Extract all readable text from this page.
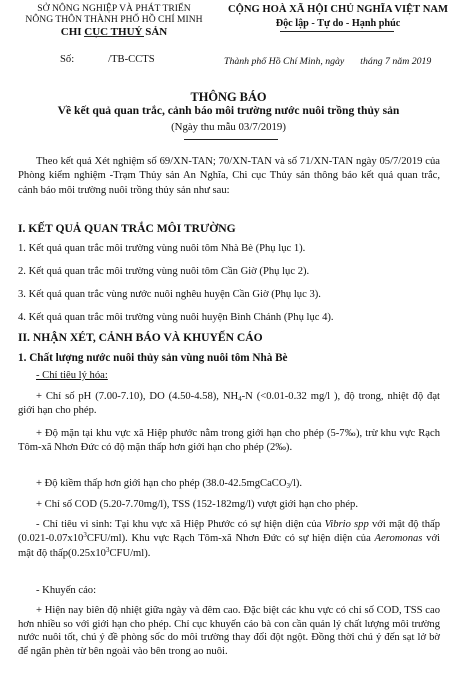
SỞ NÔNG NGHIỆP VÀ PHÁT TRIỂN
NÔNG THÔN THÀNH PHỐ HỒ CHÍ MINH
CHI CỤC THUỶ SẢN
CỘNG HOÀ XÃ HỘI CHỦ NGHĨA VIỆT NAM
Độc lập - Tự do - Hạnh phúc
Số:	/TB-CCTS	Thành phố Hồ Chí Minh, ngày tháng 7 năm 2019
THÔNG BÁO
Về kết quả quan trắc, cảnh báo môi trường nước nuôi trồng thủy sản
(Ngày thu mẫu 03/7/2019)
Theo kết quả Xét nghiệm số 69/XN-TAN; 70/XN-TAN và số 71/XN-TAN ngày 05/7/2019 của Phòng kiểm nghiệm -Trạm Thủy sản An Nghĩa, Chi cục Thủy sản thông báo kết quả quan trắc, cảnh báo môi trường nuôi trồng thủy sản như sau:
I. KẾT QUẢ QUAN TRẮC MÔI TRƯỜNG
1. Kết quả quan trắc môi trường vùng nuôi tôm Nhà Bè (Phụ lục 1).
2. Kết quả quan trắc môi trường vùng nuôi tôm Cần Giờ (Phụ lục 2).
3. Kết quả quan trắc vùng nước nuôi nghêu huyện Cần Giờ (Phụ lục 3).
4. Kết quả quan trắc môi trường vùng nuôi huyện Bình Chánh (Phụ lục 4).
II. NHẬN XÉT, CẢNH BÁO VÀ KHUYẾN CÁO
1. Chất lượng nước nuôi thủy sản vùng nuôi tôm Nhà Bè
- Chỉ tiêu lý hóa:
+ Chỉ số pH (7.00-7.10), DO (4.50-4.58), $NH_4-N$ (<0.01-0.32 mg/l ), độ trong, nhiệt độ đạt giới hạn cho phép.
+ Độ mặn tại khu vực xã Hiệp phước nằm trong giới hạn cho phép (5-7‰), trừ khu vực Rạch Tôm-xã Nhơn Đức có độ mặn thấp hơn giới hạn cho phép (2‰).
+ Độ kiềm thấp hơn giới hạn cho phép (38.0-42.5mgCaCO$_3$/l).
+ Chỉ số COD (5.20-7.70mg/l), TSS (152-182mg/l) vượt giới hạn cho phép.
- Chỉ tiêu vi sinh: Tại khu vực xã Hiệp Phước có sự hiện diện của Vibrio spp với mật độ thấp $(0.021-0.07x10^3CFU/ml)$. Khu vực Rạch Tôm-xã Nhơn Đức có sự hiện diện của Aeromonas với mật độ $thấp(0.25x10^3CFU/ml)$.
- Khuyến cáo:
+ Hiện nay biên độ nhiệt giữa ngày và đêm cao. Đặc biệt các khu vực có chỉ số COD, TSS cao hơn nhiều so với giới hạn cho phép. Chỉ cục khuyến cáo bà con cần quản lý chất lượng môi trường nước nuôi tốt, chú ý đề phòng sốc do môi trường thay đổi đột ngột. Đồng thời chú ý đến sạt lở bờ để ngăn phèn từ bên ngoài vào bên trong ao nuôi.
